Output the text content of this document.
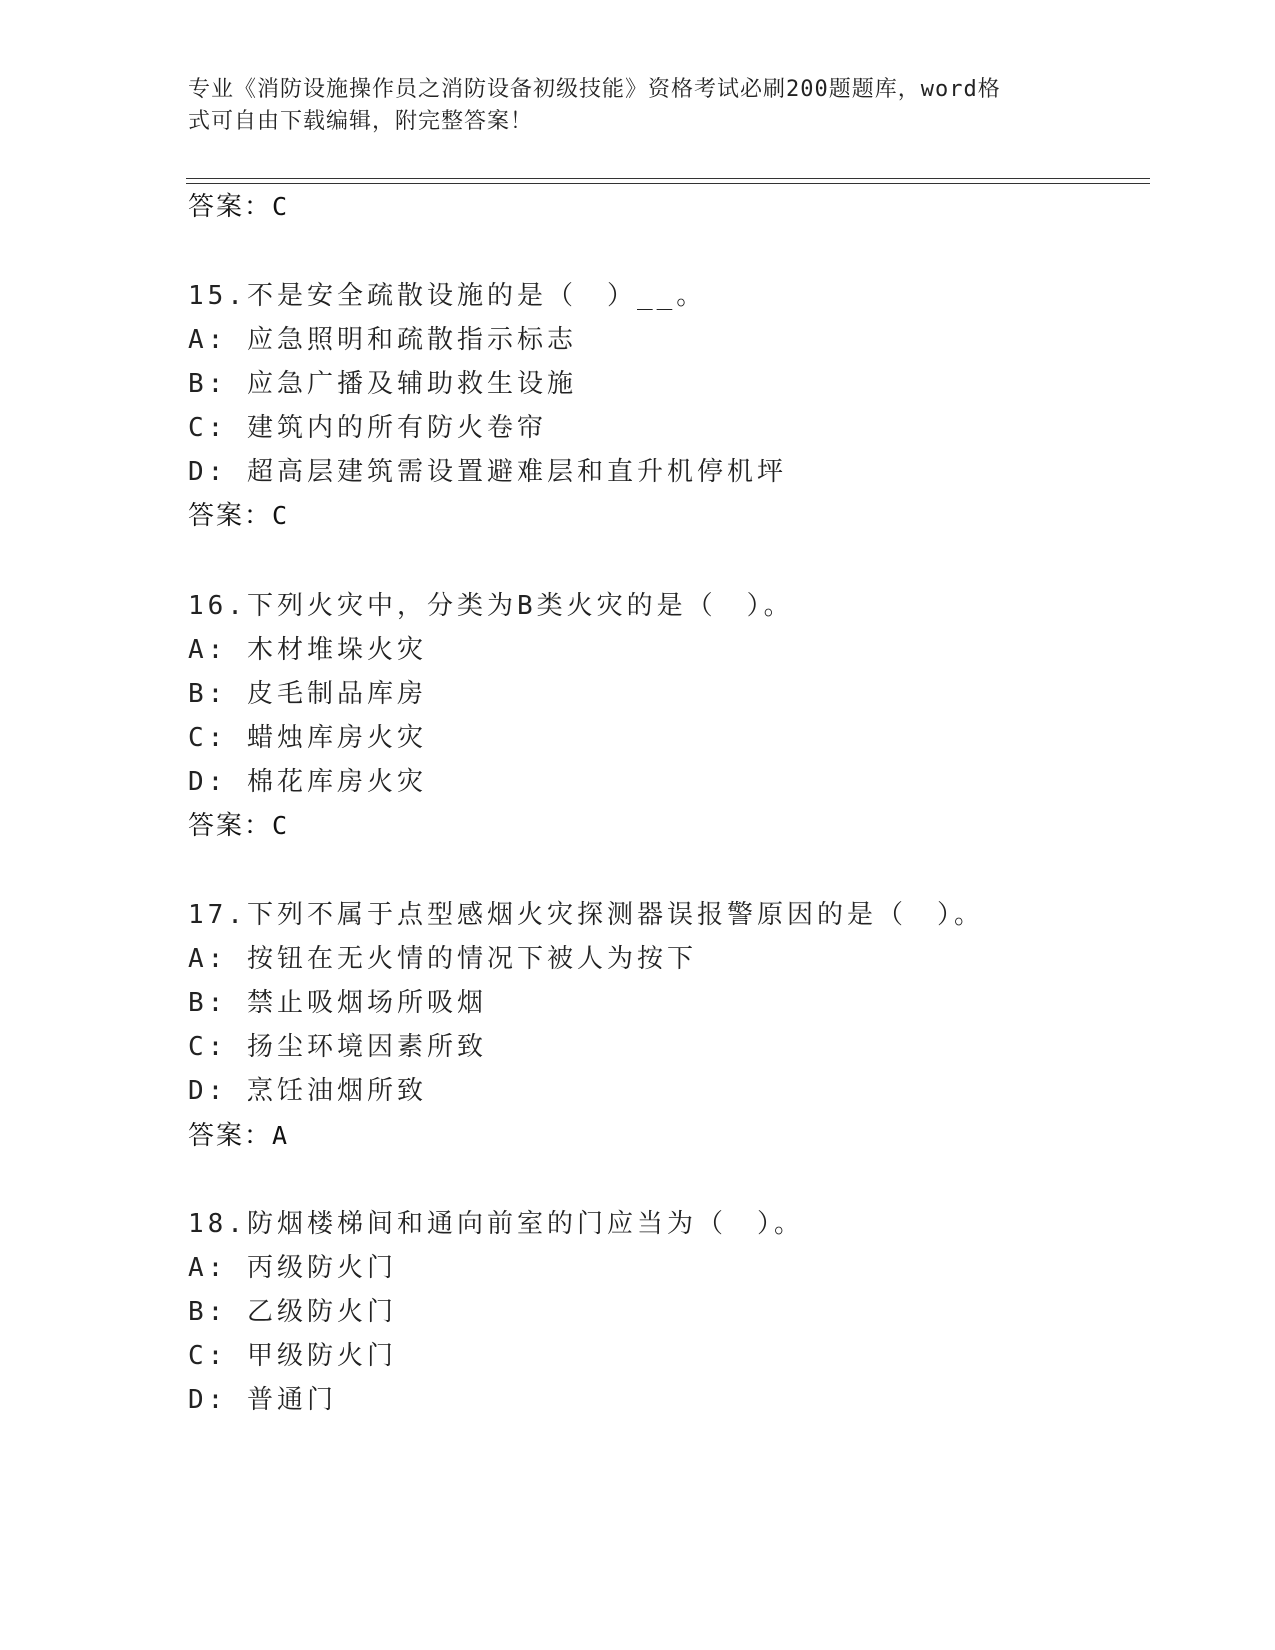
专业《消防设施操作员之消防设备初级技能》资格考试必刷200题题库，word格
式可自由下载编辑，附完整答案！
答案：C
15.不是安全疏散设施的是（　）__。
A: 应急照明和疏散指示标志
B: 应急广播及辅助救生设施
C: 建筑内的所有防火卷帘
D: 超高层建筑需设置避难层和直升机停机坪
答案：C
16.下列火灾中，分类为B类火灾的是（　）。
A: 木材堆垛火灾
B: 皮毛制品库房
C: 蜡烛库房火灾
D: 棉花库房火灾
答案：C
17.下列不属于点型感烟火灾探测器误报警原因的是（　）。
A: 按钮在无火情的情况下被人为按下
B: 禁止吸烟场所吸烟
C: 扬尘环境因素所致
D: 烹饪油烟所致
答案：A
18.防烟楼梯间和通向前室的门应当为（　）。
A: 丙级防火门
B: 乙级防火门
C: 甲级防火门
D: 普通门
